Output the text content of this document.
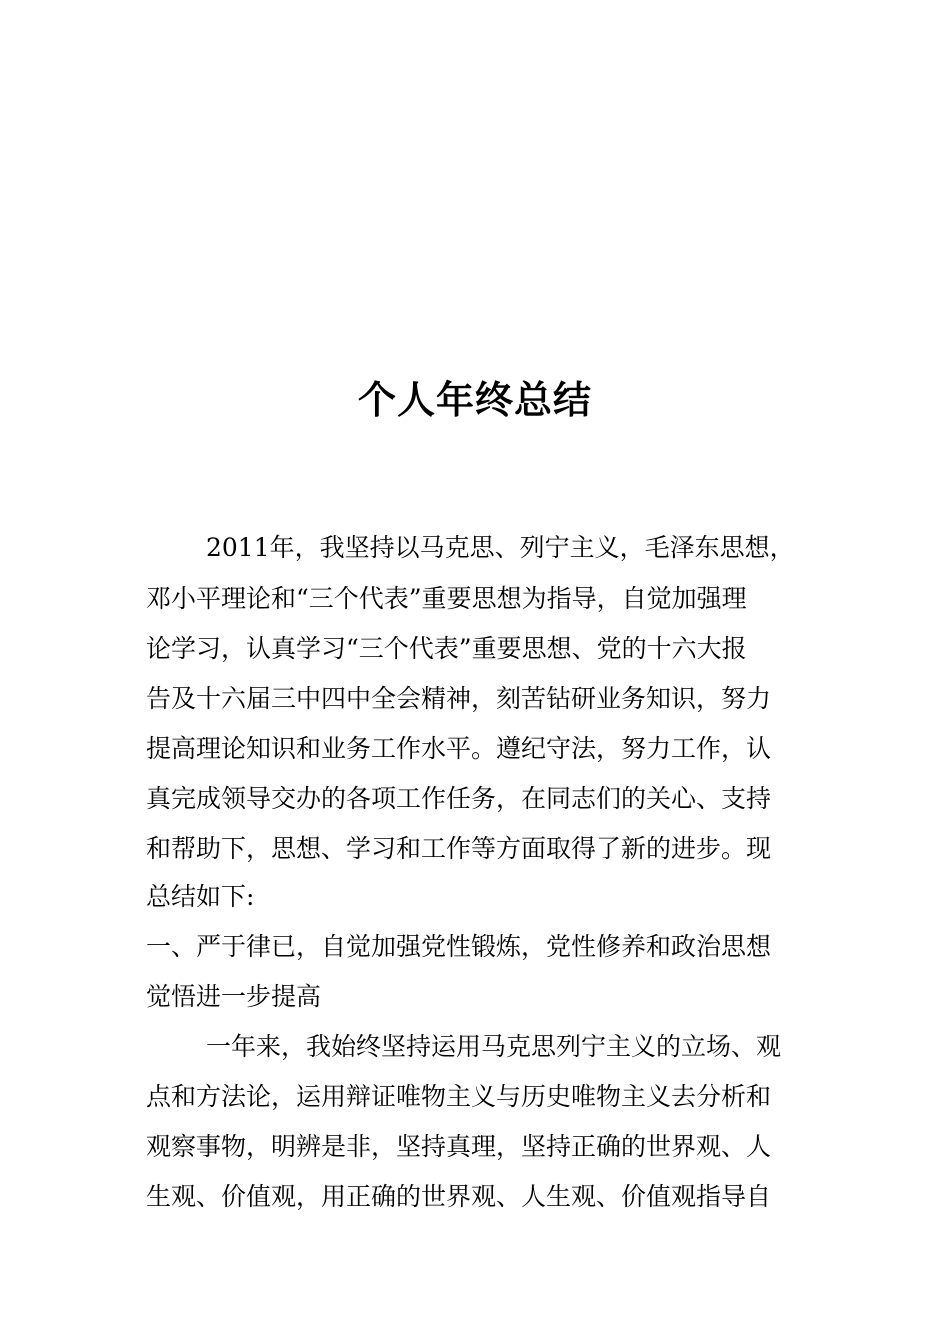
个人年终总结
2011年，我坚持以马克思、列宁主义，毛泽东思想，
邓小平理论和“三个代表”重要思想为指导，自觉加强理
论学习，认真学习“三个代表”重要思想、党的十六大报
告及十六届三中四中全会精神，刻苦钻研业务知识，努力
提高理论知识和业务工作水平。遵纪守法，努力工作，认
真完成领导交办的各项工作任务，在同志们的关心、支持
和帮助下，思想、学习和工作等方面取得了新的进步。现
总结如下:
一、严于律已，自觉加强党性锻炼，党性修养和政治思想
觉悟进一步提高
一年来，我始终坚持运用马克思列宁主义的立场、观
点和方法论，运用辩证唯物主义与历史唯物主义去分析和
观察事物，明辨是非，坚持真理，坚持正确的世界观、人
生观、价值观，用正确的世界观、人生观、价值观指导自
